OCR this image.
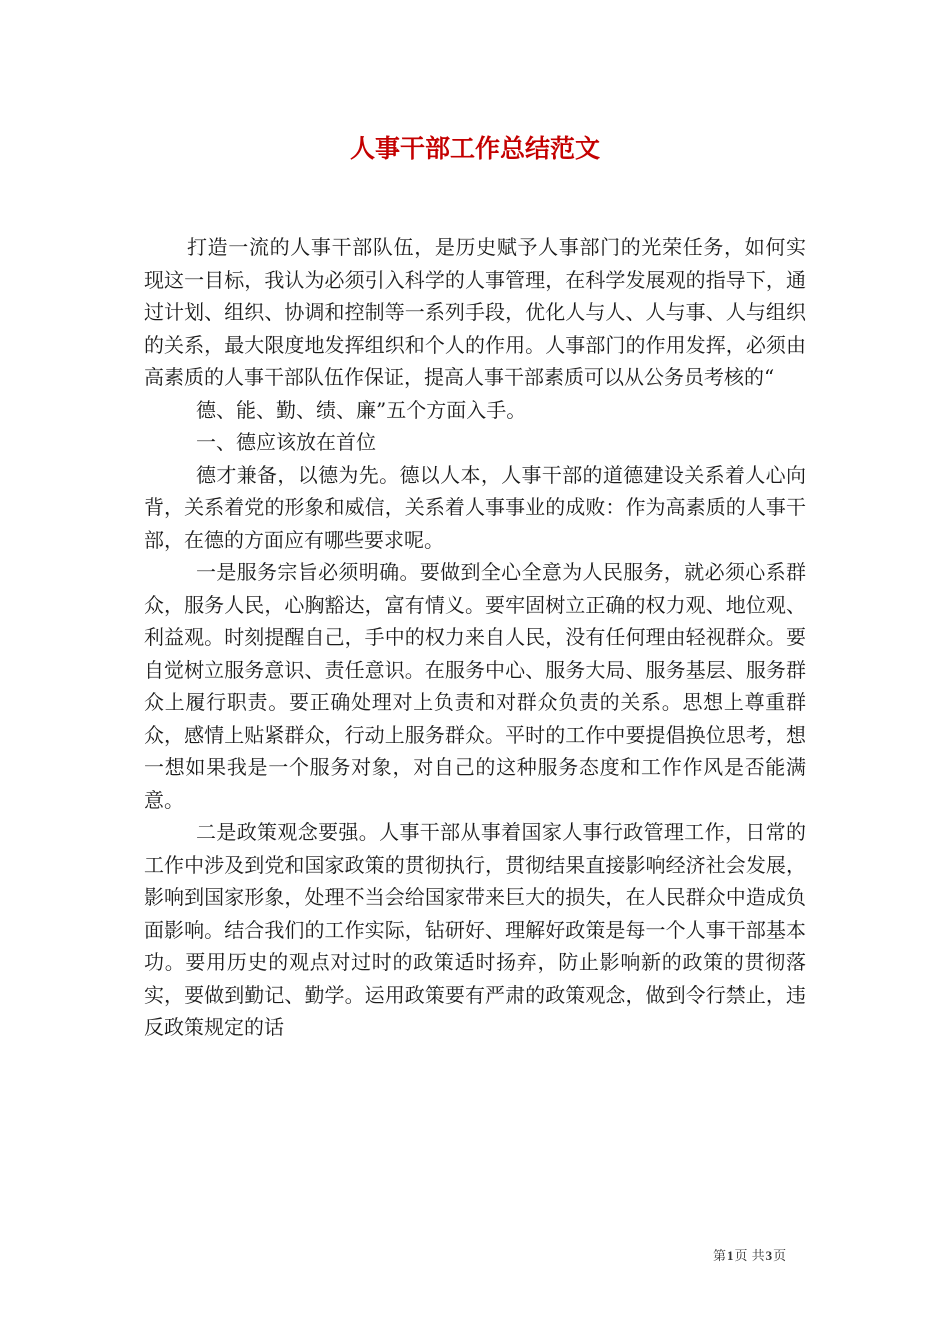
人事干部工作总结范文

打造一流的人事干部队伍，是历史赋予人事部门的光荣任务，如何实现这一目标，我认为必须引入科学的人事管理，在科学发展观的指导下，通过计划、组织、协调和控制等一系列手段，优化人与人、人与事、人与组织的关系，最大限度地发挥组织和个人的作用。人事部门的作用发挥，必须由高素质的人事干部队伍作保证，提高人事干部素质可以从公务员考核的“

德、能、勤、绩、廉”五个方面入手。

一、德应该放在首位

德才兼备，以德为先。德以人本，人事干部的道德建设关系着人心向背，关系着党的形象和威信，关系着人事事业的成败：作为高素质的人事干部，在德的方面应有哪些要求呢。

一是服务宗旨必须明确。要做到全心全意为人民服务，就必须心系群众，服务人民，心胸豁达，富有情义。要牢固树立正确的权力观、地位观、利益观。时刻提醒自己，手中的权力来自人民，没有任何理由轻视群众。要自觉树立服务意识、责任意识。在服务中心、服务大局、服务基层、服务群众上履行职责。要正确处理对上负责和对群众负责的关系。思想上尊重群众，感情上贴紧群众，行动上服务群众。平时的工作中要提倡换位思考，想一想如果我是一个服务对象，对自己的这种服务态度和工作作风是否能满意。

二是政策观念要强。人事干部从事着国家人事行政管理工作，日常的工作中涉及到党和国家政策的贯彻执行，贯彻结果直接影响经济社会发展，影响到国家形象，处理不当会给国家带来巨大的损失，在人民群众中造成负面影响。结合我们的工作实际，钻研好、理解好政策是每一个人事干部基本功。要用历史的观点对过时的政策适时扬弃，防止影响新的政策的贯彻落实，要做到勤记、勤学。运用政策要有严肃的政策观念，做到令行禁止，违反政策规定的话

第1页 共3页
